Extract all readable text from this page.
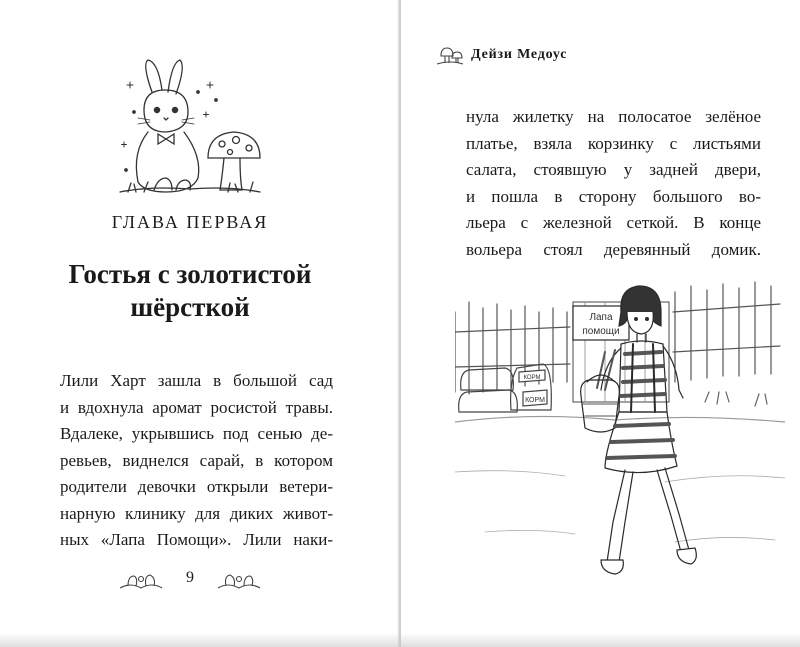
ГЛАВА ПЕРВАЯ
Гостья с золотистой
шёрсткой
Лили Харт зашла в большой сад
и вдохнула аромат росистой травы.
Вдалеке, укрывшись под сенью де-
ревьев, виднелся сарай, в котором
родители девочки открыли ветери-
нарную клинику для диких живот-
ных «Лапа Помощи». Лили наки-
9
Дейзи Медоус
нула жилетку на полосатое зелёное
платье, взяла корзинку с листьями
салата, стоявшую у задней двери,
и пошла в сторону большого во-
льера с железной сеткой. В конце
вольера стоял деревянный домик.
Лапа
помощи
КОРМ
КОРМ
